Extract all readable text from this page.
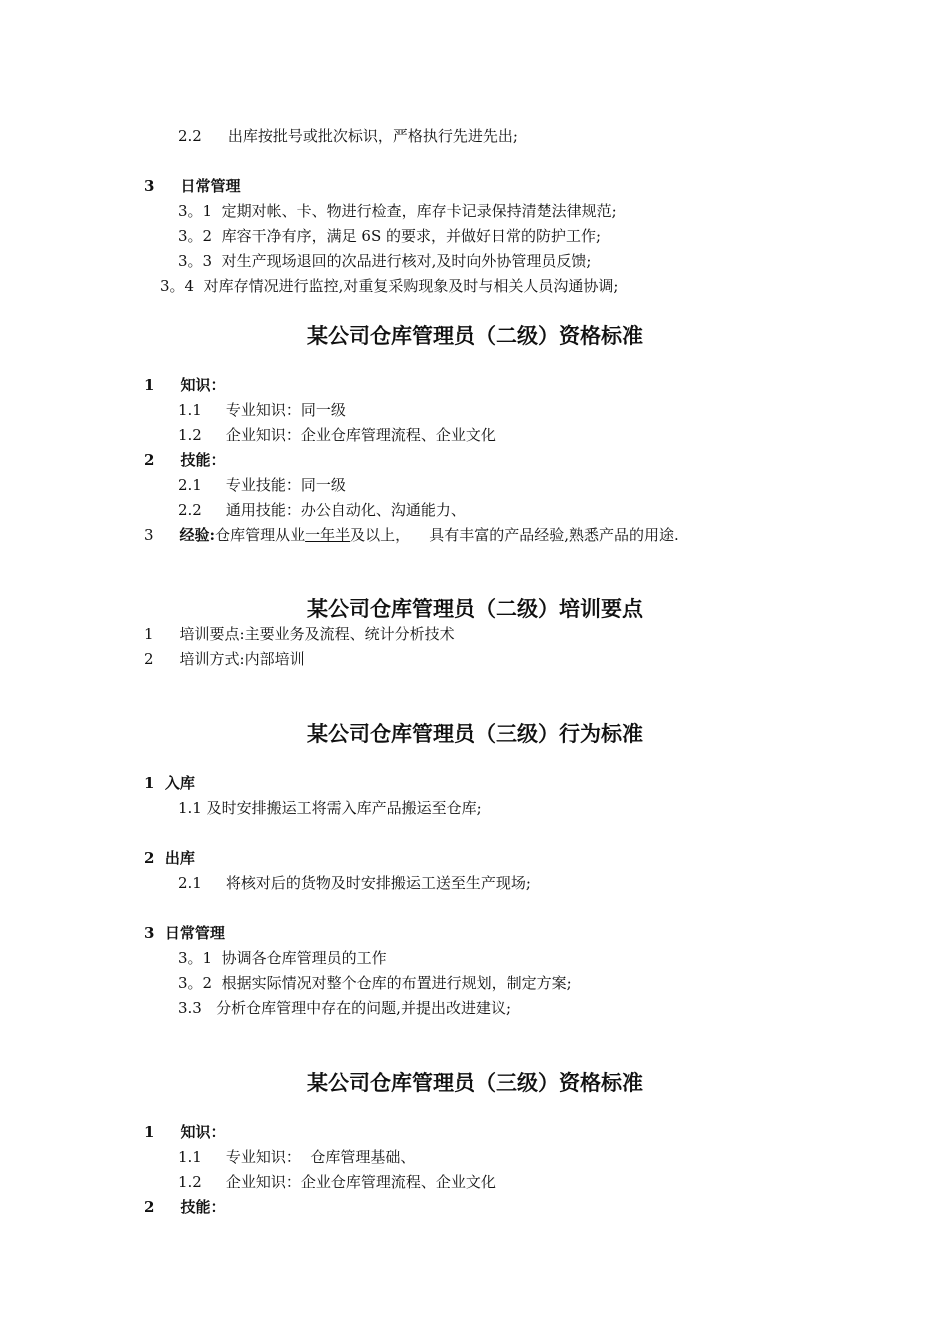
2.2 出库按批号或批次标识，严格执行先进先出;
3 日常管理
3。1 定期对帐、卡、物进行检查，库存卡记录保持清楚法律规范;
3。2 库容干净有序，满足 6S 的要求，并做好日常的防护工作;
3。3 对生产现场退回的次品进行核对,及时向外协管理员反馈;
3。4 对库存情况进行监控,对重复采购现象及时与相关人员沟通协调;
某公司仓库管理员（二级）资格标准
1 知识：
1.1 专业知识：同一级
1.2 企业知识：企业仓库管理流程、企业文化
2 技能：
2.1 专业技能：同一级
2.2 通用技能：办公自动化、沟通能力、
3 经验:仓库管理从业一年半及以上，    具有丰富的产品经验,熟悉产品的用途.
某公司仓库管理员（二级）培训要点
1 培训要点:主要业务及流程、统计分析技术
2 培训方式:内部培训
某公司仓库管理员（三级）行为标准
1 入库
1.1 及时安排搬运工将需入库产品搬运至仓库;
2 出库
2.1 将核对后的货物及时安排搬运工送至生产现场;
3 日常管理
3。1 协调各仓库管理员的工作
3。2 根据实际情况对整个仓库的布置进行规划，制定方案;
3.3 分析仓库管理中存在的问题,并提出改进建议;
某公司仓库管理员（三级）资格标准
1 知识：
1.1 专业知识：  仓库管理基础、
1.2 企业知识：企业仓库管理流程、企业文化
2 技能：
